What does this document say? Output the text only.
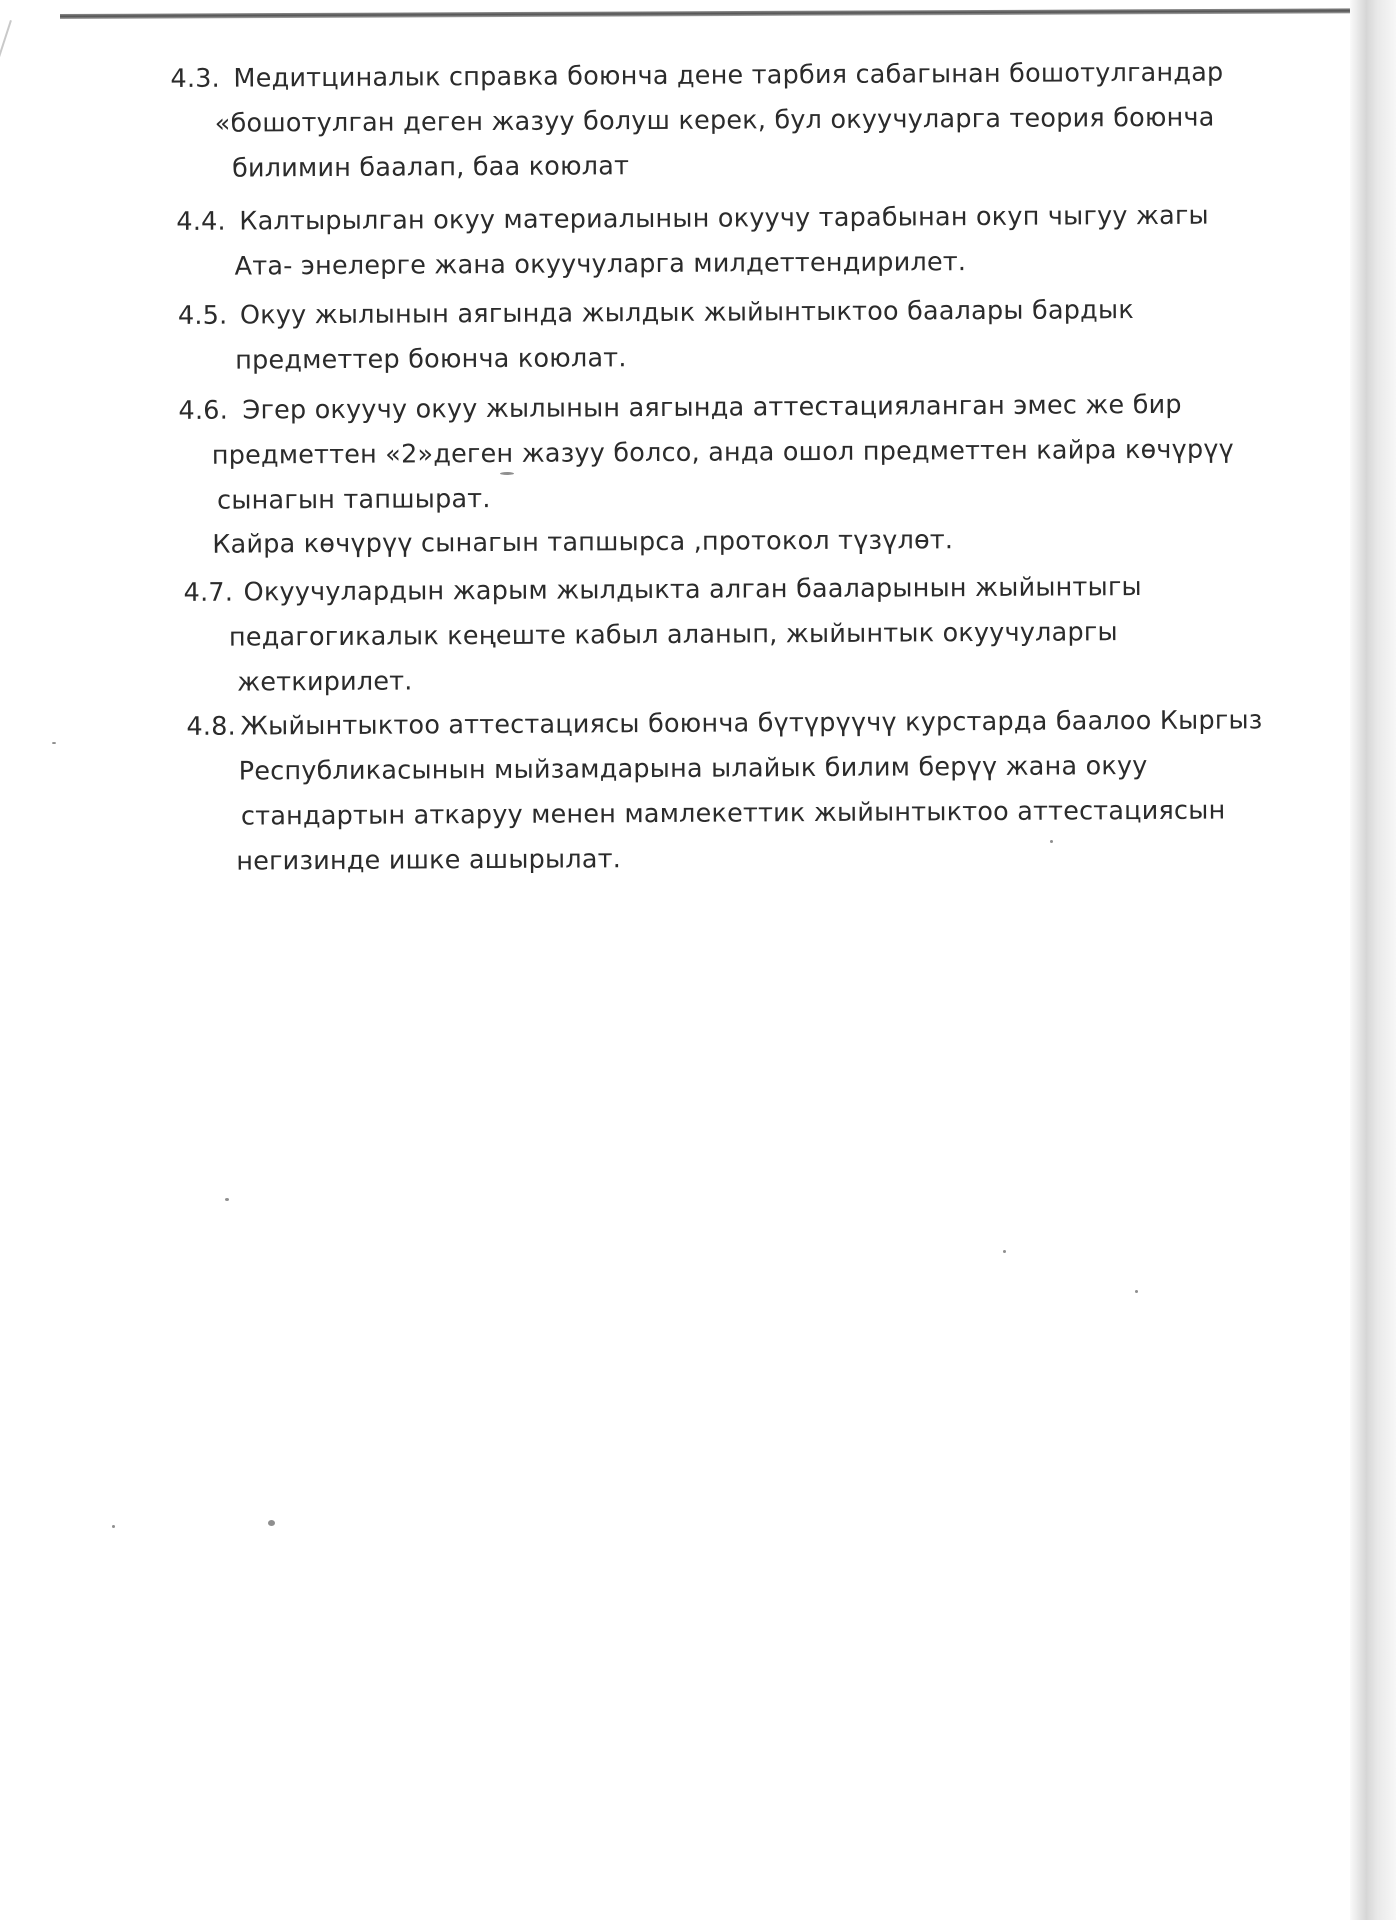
4.3. Медитциналык справка боюнча дене тарбия сабагынан бошотулгандар
«бошотулган деген жазуу болуш керек, бул окуучуларга теория боюнча
билимин баалап, баа коюлат
4.4. Калтырылган окуу материалынын окуучу тарабынан окуп чыгуу жагы
Ата- энелерге жана окуучуларга милдеттендирилет.
4.5. Окуу жылынын аягында жылдык жыйынтыктоо баалары бардык
предметтер боюнча коюлат.
4.6. Эгер окуучу окуу жылынын аягында аттестацияланган эмес же бир
предметтен «2»деген жазуу болсо, анда ошол предметтен кайра көчүрүү
сынагын тапшырат.
Кайра көчүрүү сынагын тапшырса ,протокол түзүлөт.
4.7. Окуучулардын жарым жылдыкта алган бааларынын жыйынтыгы
педагогикалык кеңеште кабыл аланып, жыйынтык окуучуларгы
жеткирилет.
4.8. Жыйынтыктоо аттестациясы боюнча бүтүрүүчү курстарда баалоо Кыргыз
Республикасынын мыйзамдарына ылайык билим берүү жана окуу
стандартын аткаруу менен мамлекеттик жыйынтыктоо аттестациясын
негизинде ишке ашырылат.
